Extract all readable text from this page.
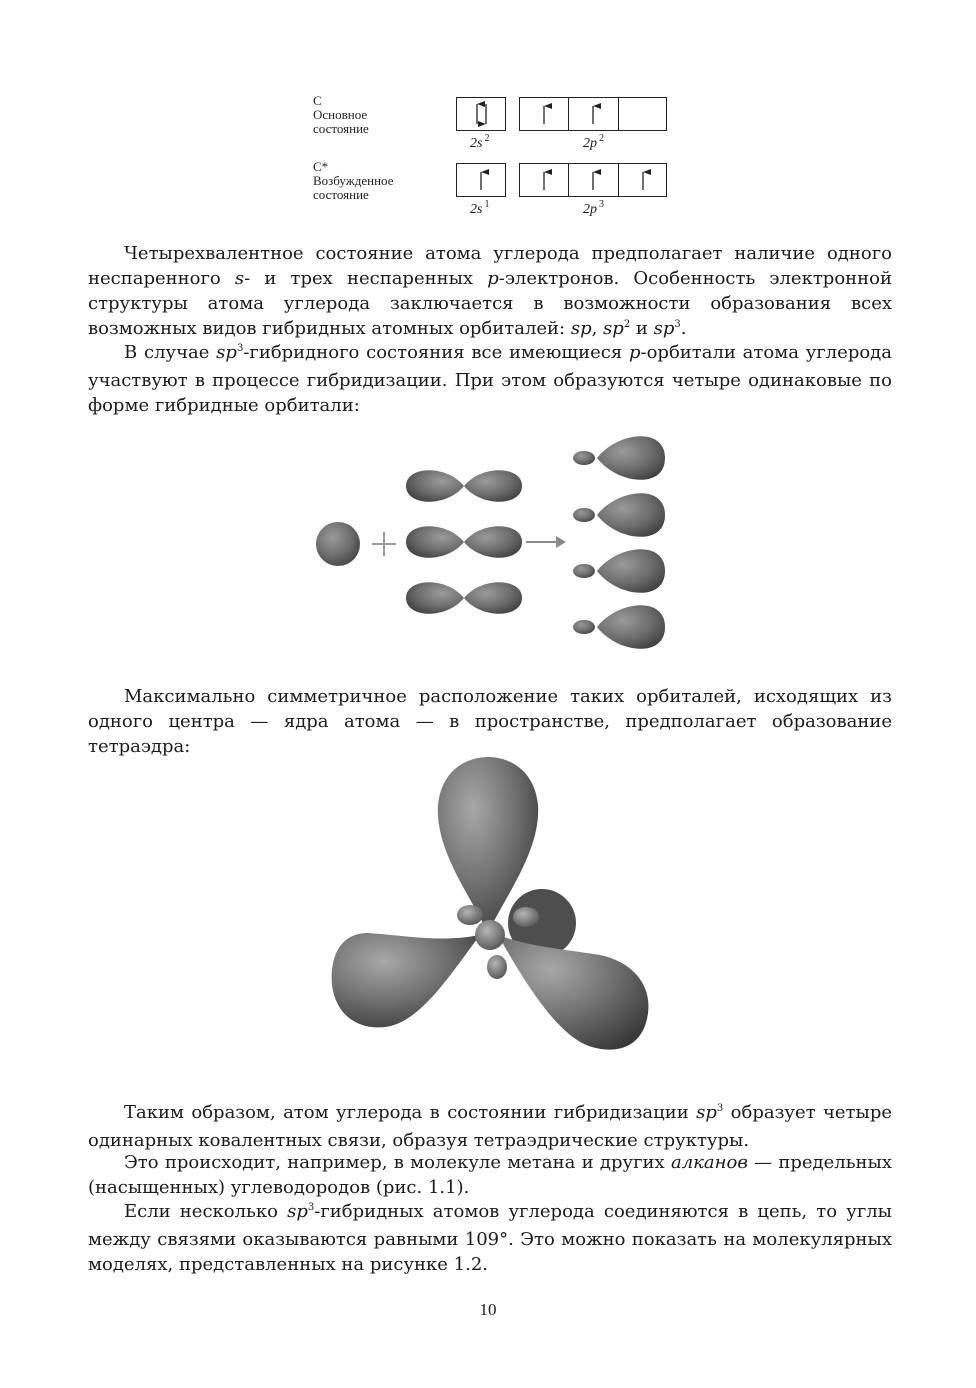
C
Основное
состояние
C*
Возбужденное
состояние
2s $^2$	2p $^2$
2s $^1$	2p $^3$
Четырехвалентное состояние атома углерода предполагает наличие одного неспаренного s- и трех неспаренных p-электронов. Особенность электронной структуры атома углерода заключается в возможности образования всех возможных видов гибридных атомных орбиталей: sp, $sp^2$ и $sp^3$.
В случае $sp^3$-гибридного состояния все имеющиеся p-орбитали атома углерода участвуют в процессе гибридизации. При этом образуются четыре одинаковые по форме гибридные орбитали:
Максимально симметричное расположение таких орбиталей, исходящих из одного центра — ядра атома — в пространстве, предполагает образование тетраэдра:
Таким образом, атом углерода в состоянии гибридизации $sp^3$ образует четыре одинарных ковалентных связи, образуя тетраэдрические структуры.
Это происходит, например, в молекуле метана и других алканов — предельных (насыщенных) углеводородов (рис. 1.1).
Если несколько $sp^3$-гибридных атомов углерода соединяются в цепь, то углы между связями оказываются равными 109°. Это можно показать на молекулярных моделях, представленных на рисунке 1.2.
10
